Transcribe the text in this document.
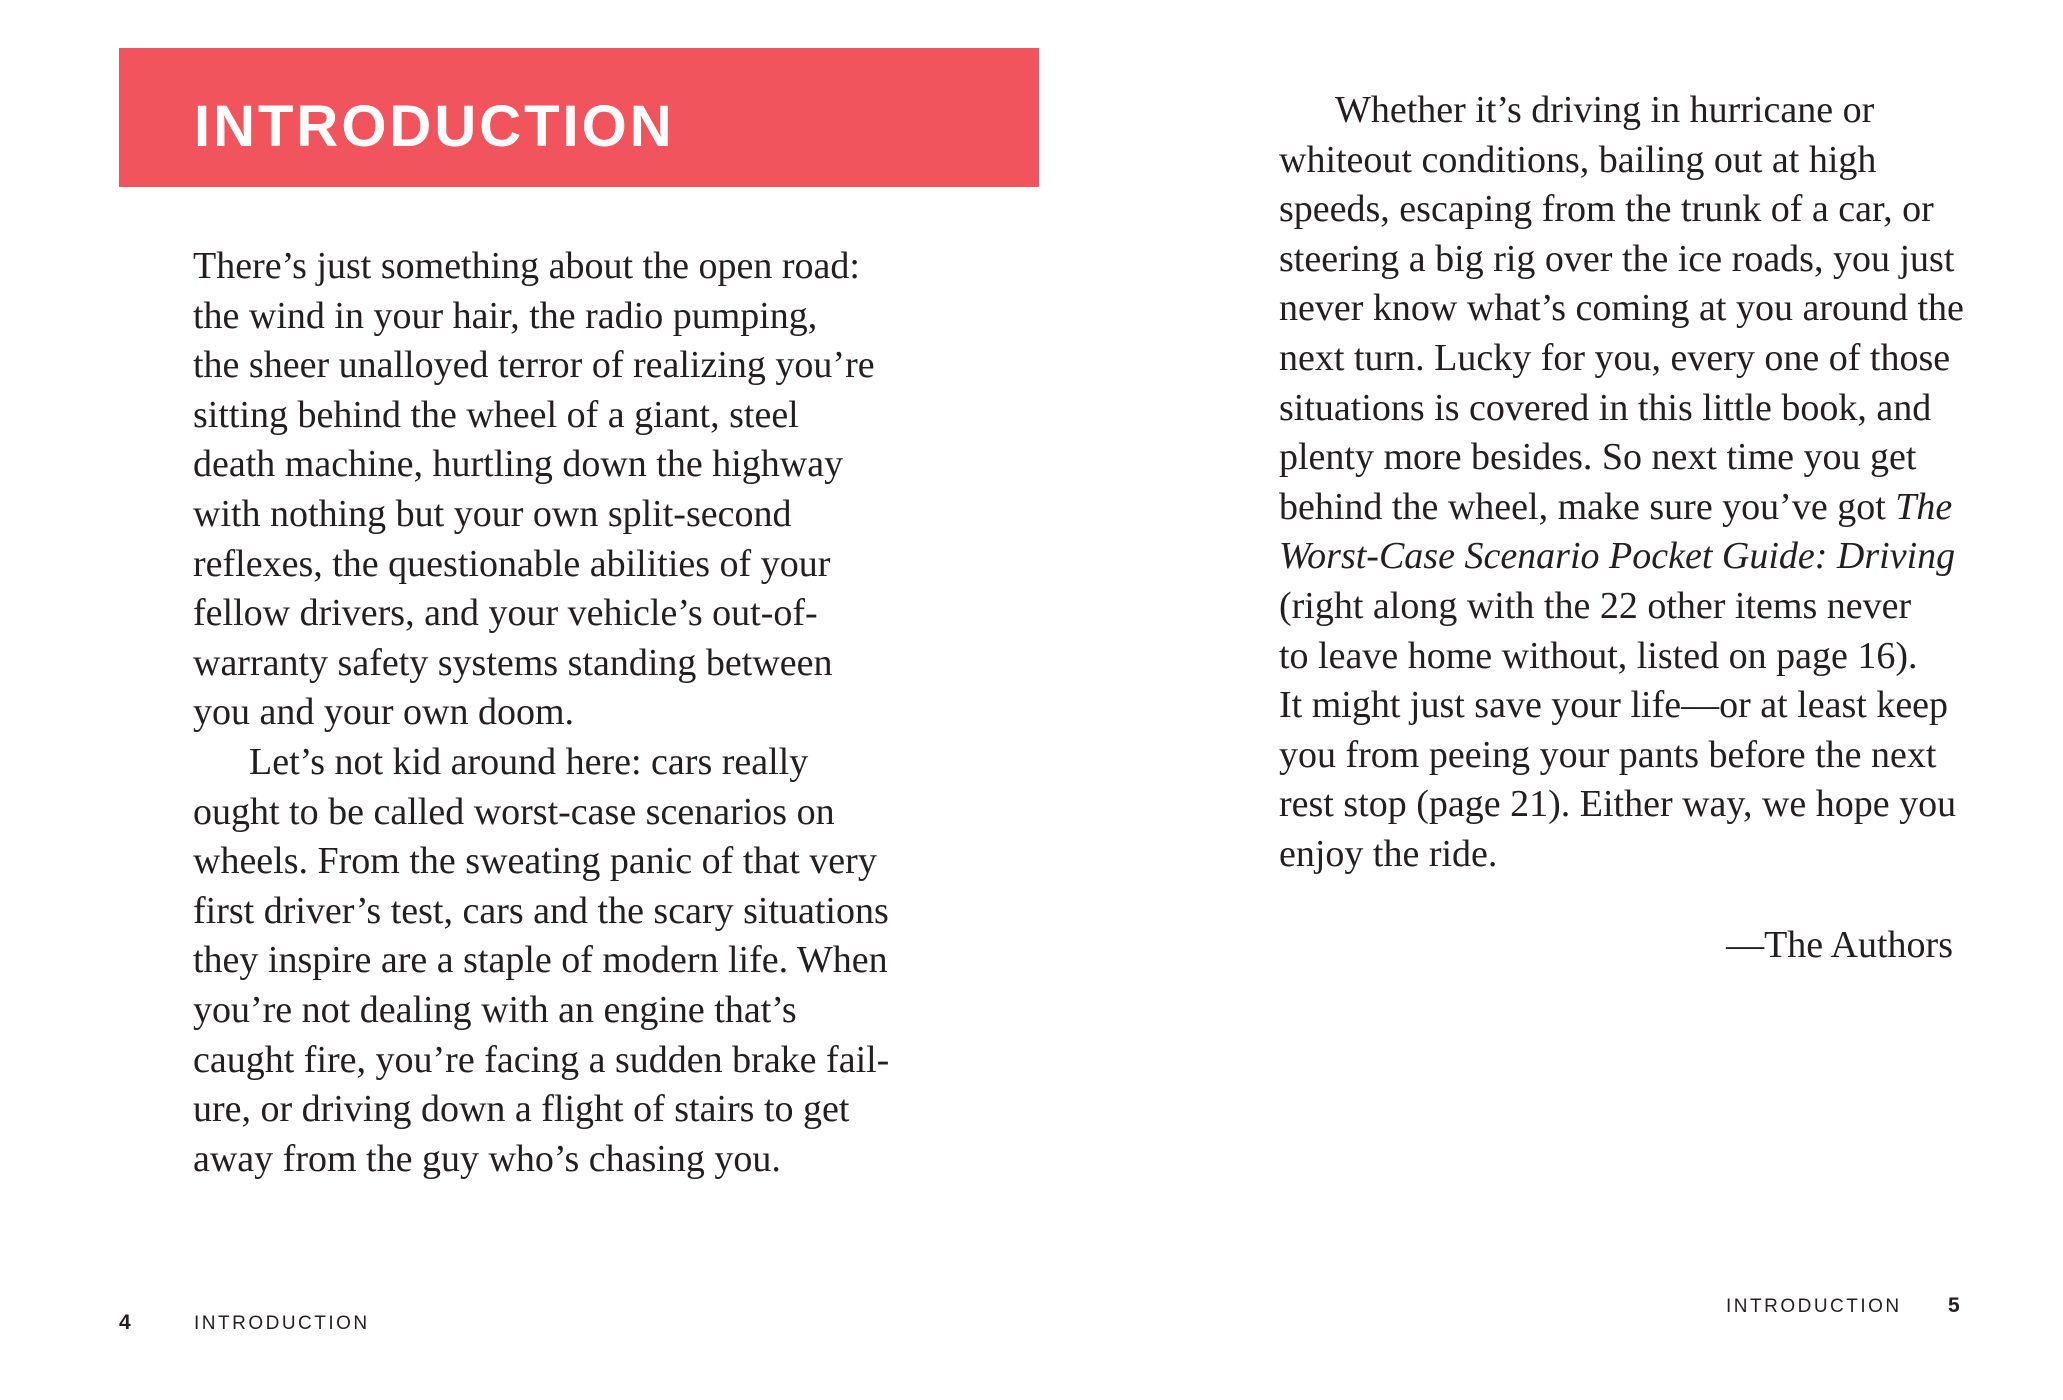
INTRODUCTION
There’s just something about the open road:
the wind in your hair, the radio pumping,
the sheer unalloyed terror of realizing you’re
sitting behind the wheel of a giant, steel
death machine, hurtling down the highway
with nothing but your own split-second
reflexes, the questionable abilities of your
fellow drivers, and your vehicle’s out-of-
warranty safety systems standing between
you and your own doom.
Let’s not kid around here: cars really
ought to be called worst-case scenarios on
wheels. From the sweating panic of that very
first driver’s test, cars and the scary situations
they inspire are a staple of modern life. When
you’re not dealing with an engine that’s
caught fire, you’re facing a sudden brake fail-
ure, or driving down a flight of stairs to get
away from the guy who’s chasing you.
4	INTRODUCTION
Whether it’s driving in hurricane or
whiteout conditions, bailing out at high
speeds, escaping from the trunk of a car, or
steering a big rig over the ice roads, you just
never know what’s coming at you around the
next turn. Lucky for you, every one of those
situations is covered in this little book, and
plenty more besides. So next time you get
behind the wheel, make sure you’ve got The
Worst-Case Scenario Pocket Guide: Driving
(right along with the 22 other items never
to leave home without, listed on page 16).
It might just save your life—or at least keep
you from peeing your pants before the next
rest stop (page 21). Either way, we hope you
enjoy the ride.
—The Authors
INTRODUCTION 5
